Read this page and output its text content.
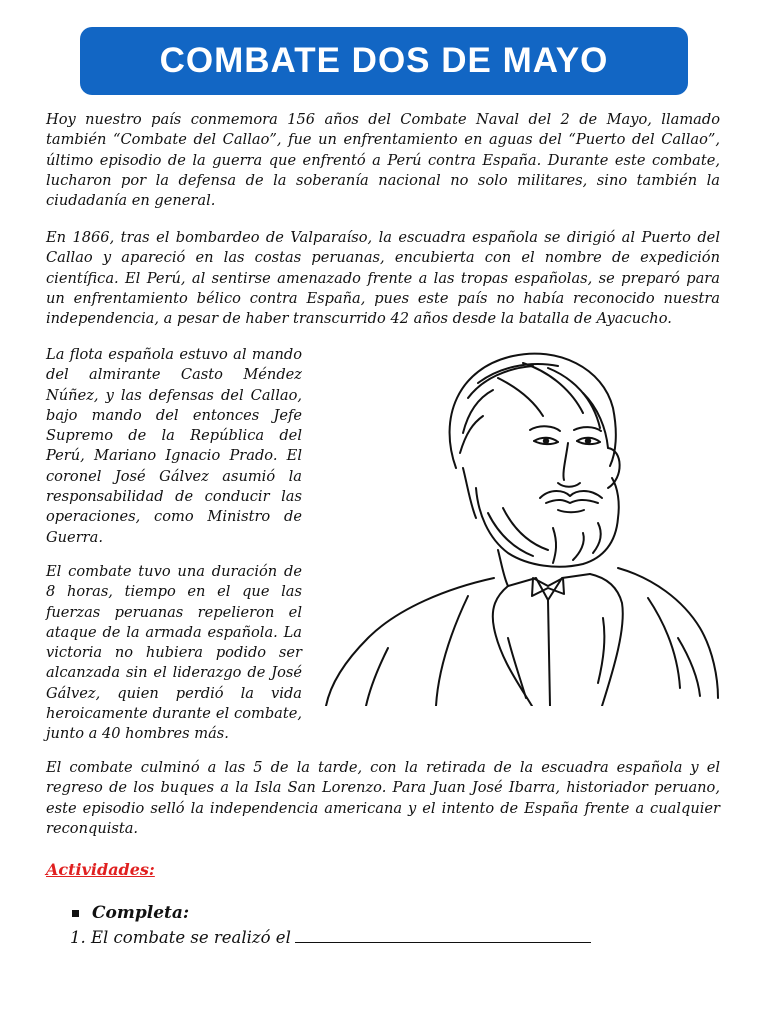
COMBATE DOS DE MAYO

Hoy nuestro país conmemora 156 años del Combate Naval del 2 de Mayo, llamado también “Combate del Callao”, fue un enfrentamiento en aguas del “Puerto del Callao”, último episodio de la guerra que enfrentó a Perú contra España. Durante este combate, lucharon por la defensa de la soberanía nacional no solo militares, sino también la ciudadanía en general.

En 1866, tras el bombardeo de Valparaíso, la escuadra española se dirigió al Puerto del Callao y apareció en las costas peruanas, encubierta con el nombre de expedición científica. El Perú, al sentirse amenazado frente a las tropas españolas, se preparó para un enfrentamiento bélico contra España, pues este país no había reconocido nuestra independencia, a pesar de haber transcurrido 42 años desde la batalla de Ayacucho.

La flota española estuvo al mando del almirante Casto Méndez Núñez, y las defensas del Callao, bajo mando del entonces Jefe Supremo de la República del Perú, Mariano Ignacio Prado. El coronel José Gálvez asumió la responsabilidad de conducir las operaciones, como Ministro de Guerra.

El combate tuvo una duración de 8 horas, tiempo en el que las fuerzas peruanas repelieron el ataque de la armada española. La victoria no hubiera podido ser alcanzada sin el liderazgo de José Gálvez, quien perdió la vida heroicamente durante el combate, junto a 40 hombres más.

El combate culminó a las 5 de la tarde, con la retirada de la escuadra española y el regreso de los buques a la Isla San Lorenzo. Para Juan José Ibarra, historiador peruano, este episodio selló la independencia americana y el intento de España frente a cualquier reconquista.

Actividades:

Completa:

1. El combate se realizó el
